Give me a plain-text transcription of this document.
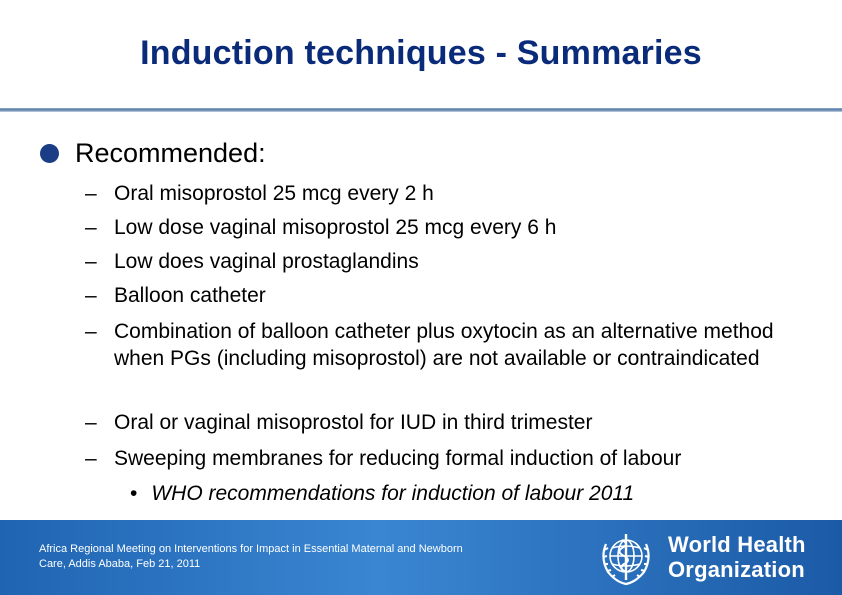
Induction techniques - Summaries
Recommended:
– Oral misoprostol 25 mcg every 2 h
– Low dose vaginal misoprostol 25 mcg every 6 h
– Low does vaginal prostaglandins
– Balloon catheter
– Combination of balloon catheter plus oxytocin as an alternative method when PGs (including misoprostol) are not available or contraindicated
– Oral or vaginal misoprostol for IUD in third trimester
– Sweeping membranes for reducing formal induction of labour
• WHO recommendations for induction of labour 2011
Africa Regional Meeting on Interventions for Impact in Essential Maternal and Newborn
Care, Addis Ababa, Feb 21, 2011
World Health
Organization
